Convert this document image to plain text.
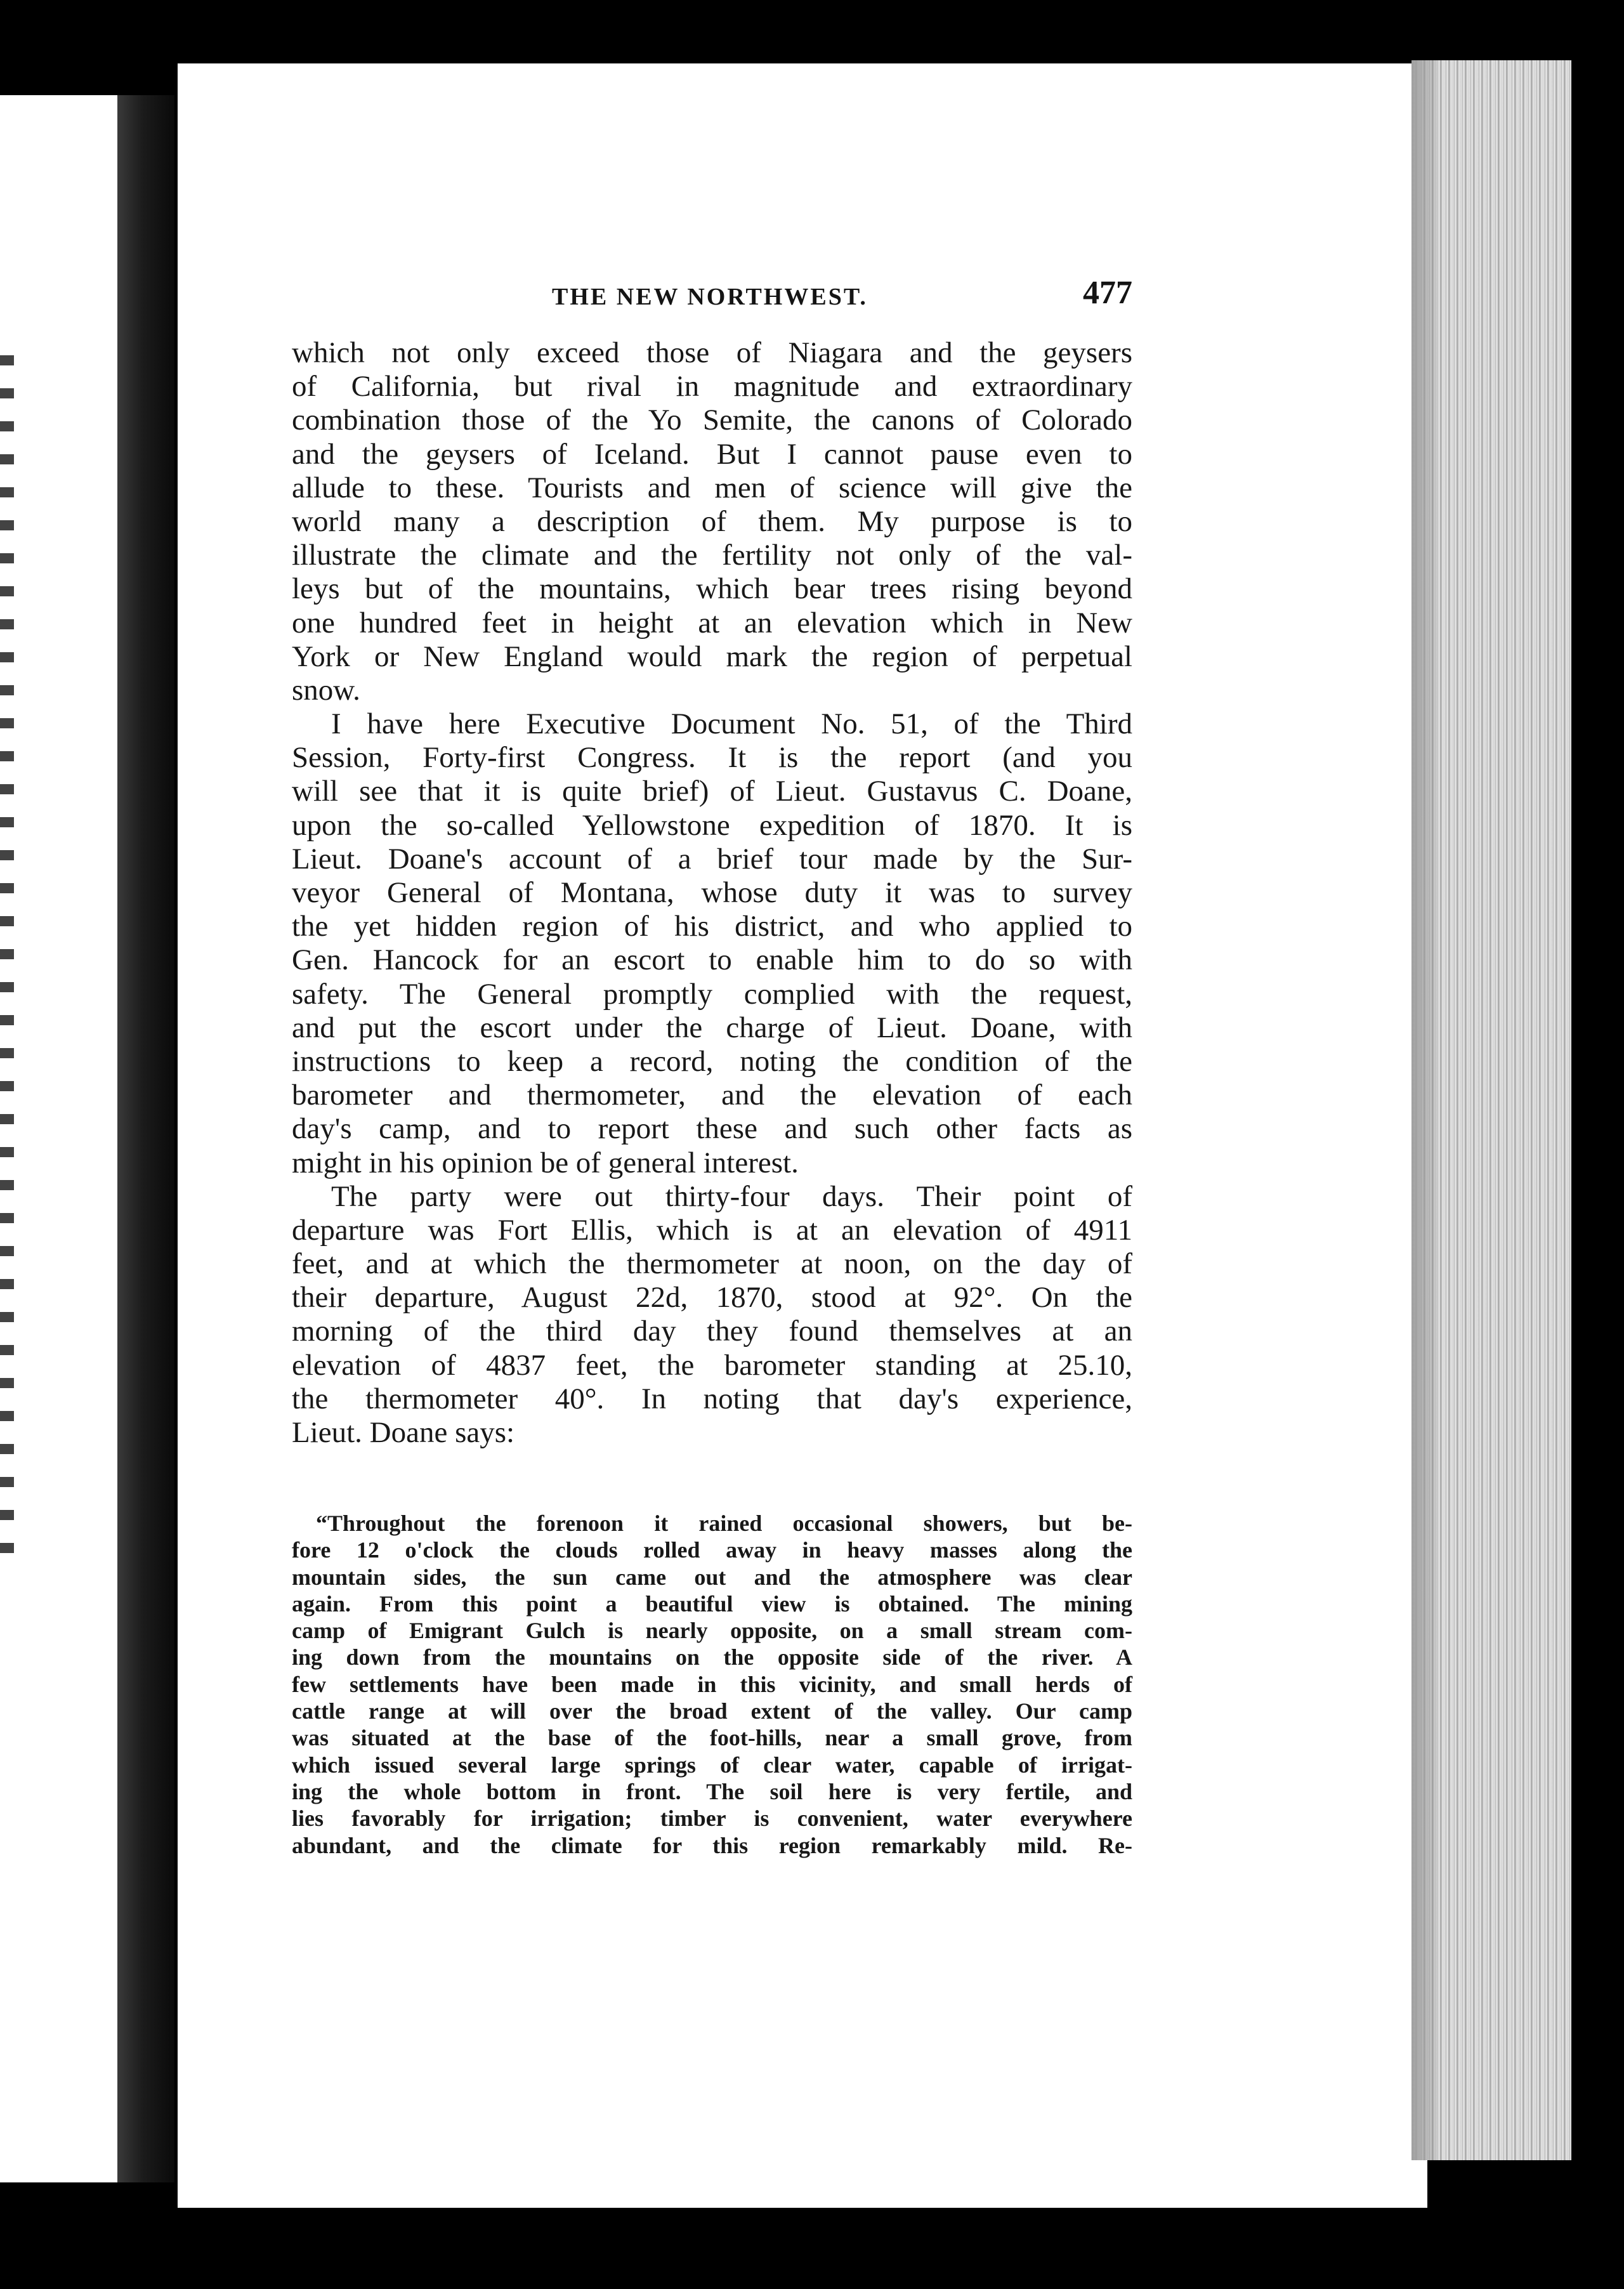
THE NEW NORTHWEST.	477
which not only exceed those of Niagara and the geysers
of California, but rival in magnitude and extraordinary
combination those of the Yo Semite, the canons of Colorado
and the geysers of Iceland. But I cannot pause even to
allude to these. Tourists and men of science will give the
world many a description of them. My purpose is to
illustrate the climate and the fertility not only of the val-
leys but of the mountains, which bear trees rising beyond
one hundred feet in height at an elevation which in New
York or New England would mark the region of perpetual
snow.
I have here Executive Document No. 51, of the Third
Session, Forty-first Congress. It is the report (and you
will see that it is quite brief) of Lieut. Gustavus C. Doane,
upon the so-called Yellowstone expedition of 1870. It is
Lieut. Doane's account of a brief tour made by the Sur-
veyor General of Montana, whose duty it was to survey
the yet hidden region of his district, and who applied to
Gen. Hancock for an escort to enable him to do so with
safety. The General promptly complied with the request,
and put the escort under the charge of Lieut. Doane, with
instructions to keep a record, noting the condition of the
barometer and thermometer, and the elevation of each
day's camp, and to report these and such other facts as
might in his opinion be of general interest.
The party were out thirty-four days. Their point of
departure was Fort Ellis, which is at an elevation of 4911
feet, and at which the thermometer at noon, on the day of
their departure, August 22d, 1870, stood at 92°. On the
morning of the third day they found themselves at an
elevation of 4837 feet, the barometer standing at 25.10,
the thermometer 40°. In noting that day's experience,
Lieut. Doane says:
“Throughout the forenoon it rained occasional showers, but be-
fore 12 o'clock the clouds rolled away in heavy masses along the
mountain sides, the sun came out and the atmosphere was clear
again. From this point a beautiful view is obtained. The mining
camp of Emigrant Gulch is nearly opposite, on a small stream com-
ing down from the mountains on the opposite side of the river. A
few settlements have been made in this vicinity, and small herds of
cattle range at will over the broad extent of the valley. Our camp
was situated at the base of the foot-hills, near a small grove, from
which issued several large springs of clear water, capable of irrigat-
ing the whole bottom in front. The soil here is very fertile, and
lies favorably for irrigation; timber is convenient, water everywhere
abundant, and the climate for this region remarkably mild. Re-
